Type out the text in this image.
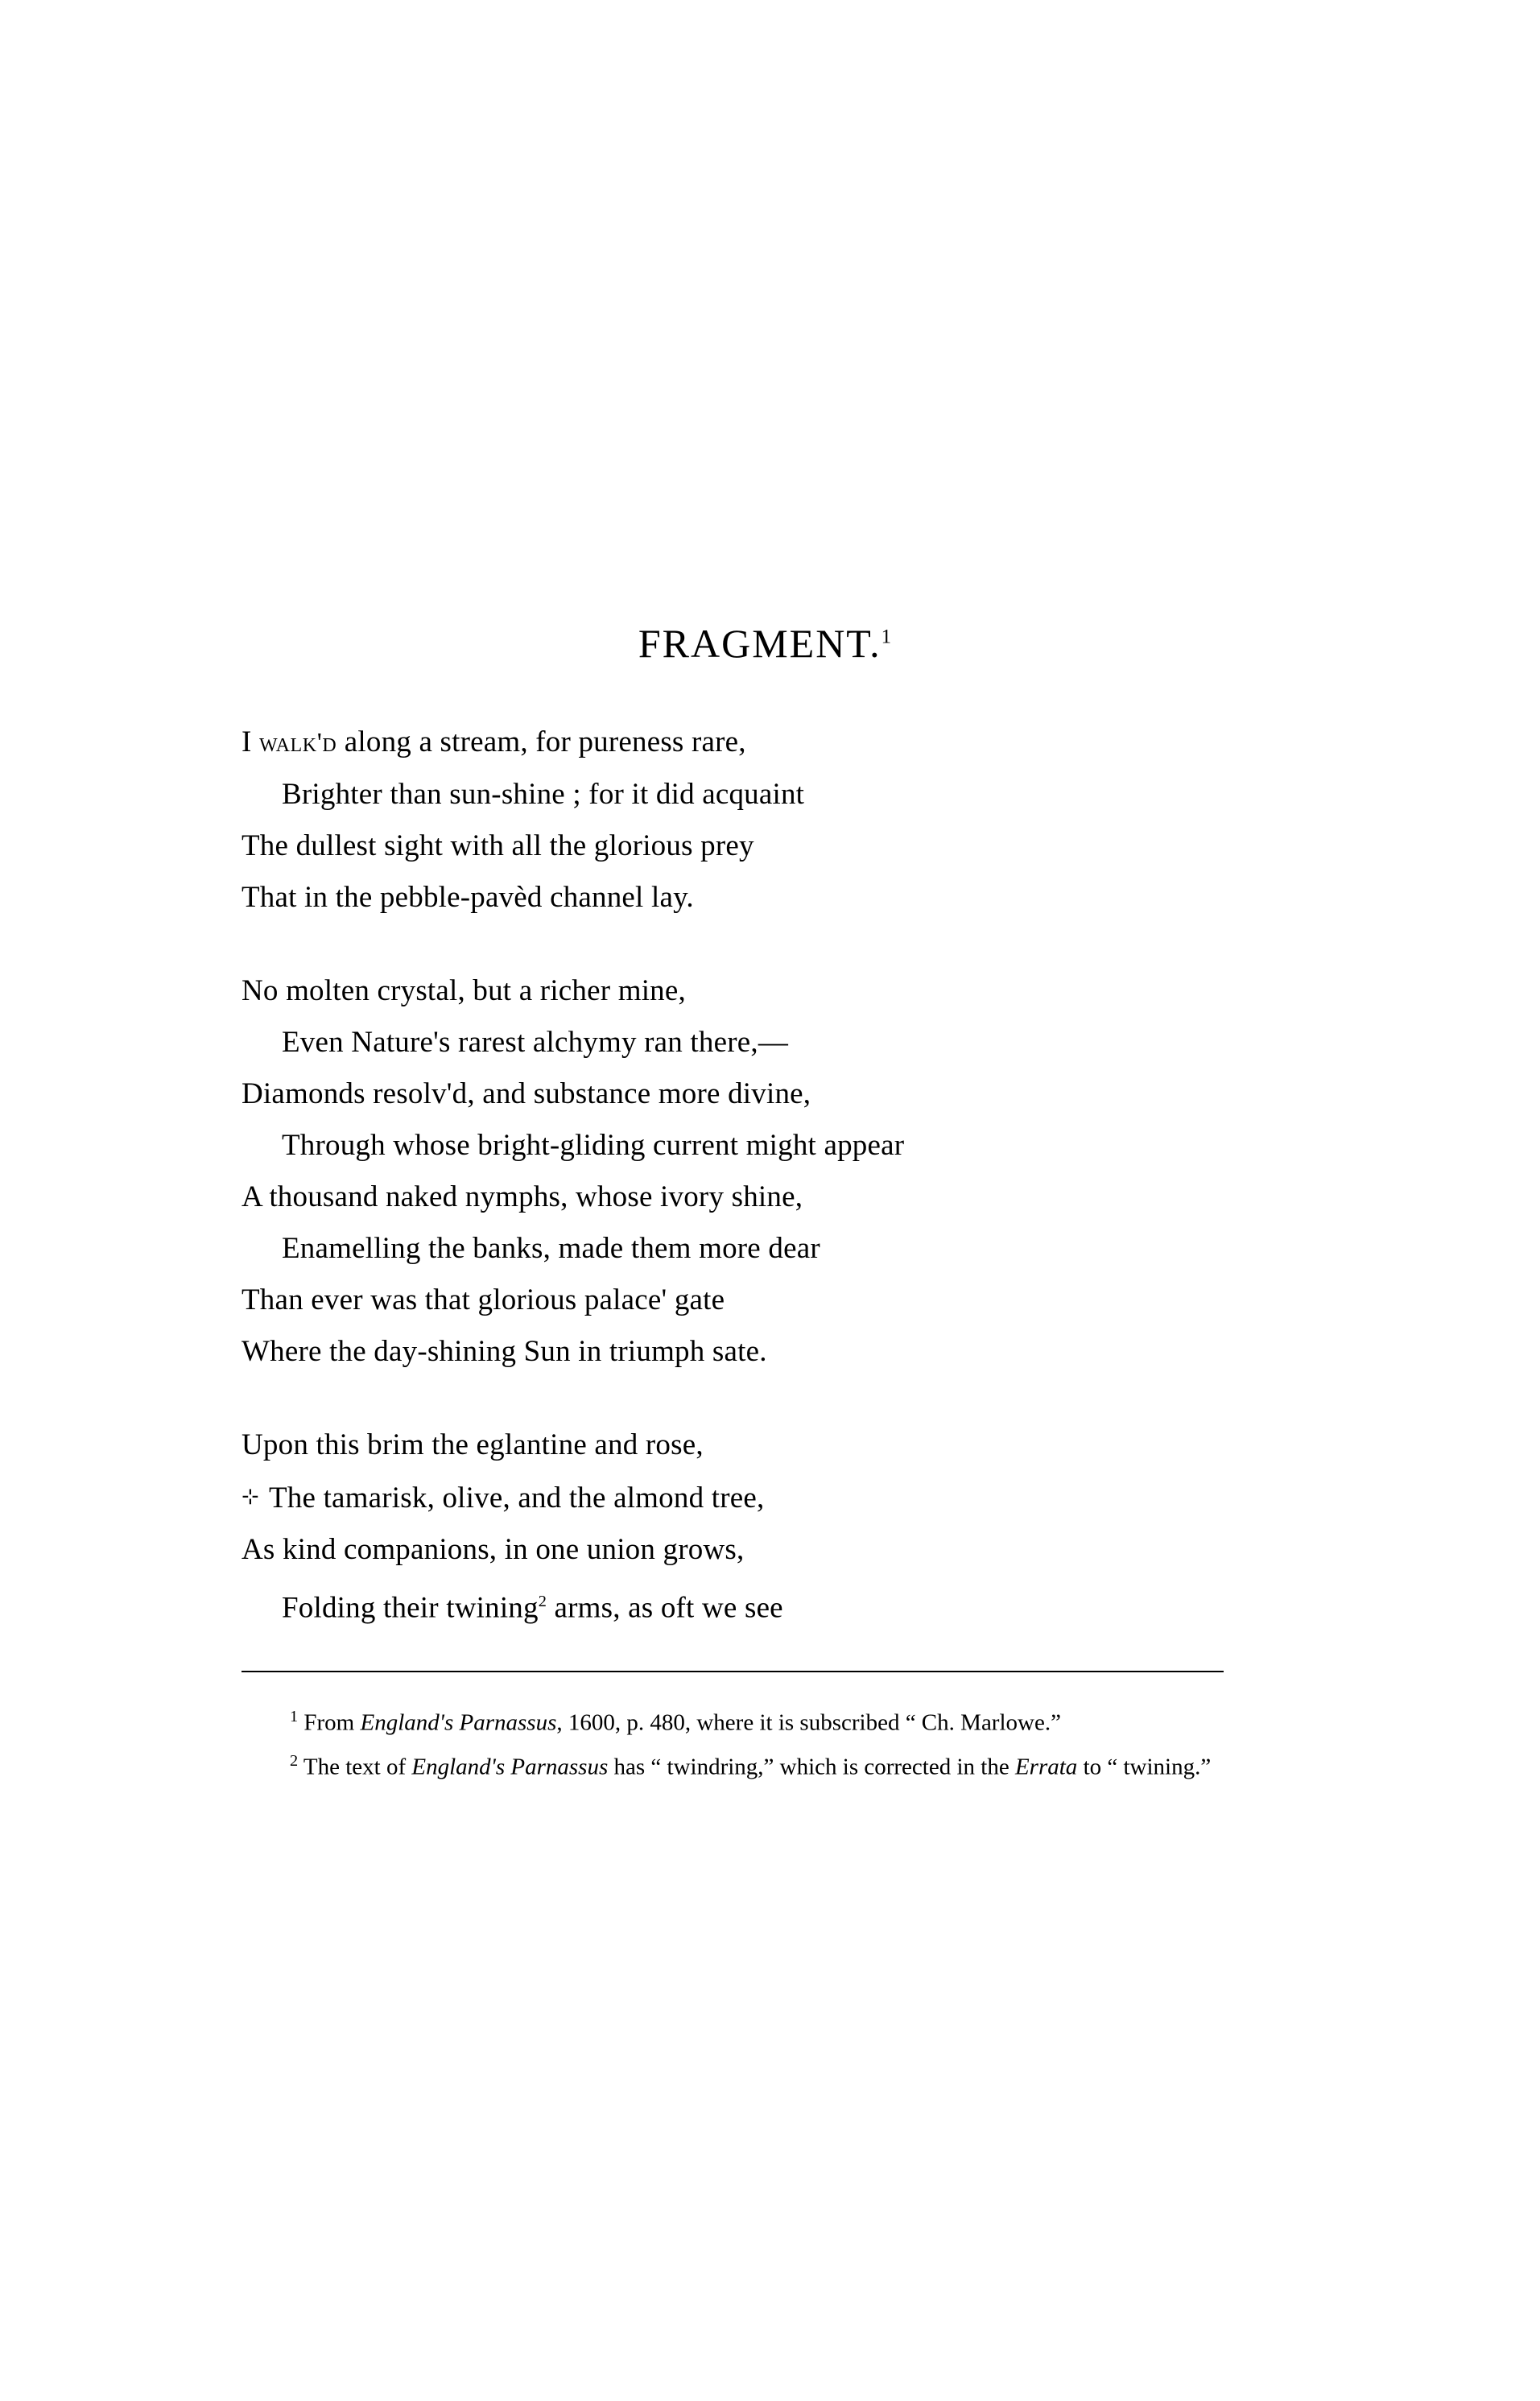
FRAGMENT.$^1$
I walk'd along a stream, for pureness rare,
Brighter than sun-shine ; for it did acquaint
The dullest sight with all the glorious prey
That in the pebble-pavèd channel lay.
No molten crystal, but a richer mine,
Even Nature's rarest alchymy ran there,—
Diamonds resolv'd, and substance more divine,
Through whose bright-gliding current might appear
A thousand naked nymphs, whose ivory shine,
Enamelling the banks, made them more dear
Than ever was that glorious palace' gate
Where the day-shining Sun in triumph sate.
Upon this brim the eglantine and rose,
⊹ The tamarisk, olive, and the almond tree,
As kind companions, in one union grows,
Folding their twining$^2$ arms, as oft we see

$^1$ From England's Parnassus, 1600, p. 480, where it is subscribed “ Ch. Marlowe.”

$^2$ The text of England's Parnassus has “ twindring,” which is corrected in the Errata to “ twining.”
